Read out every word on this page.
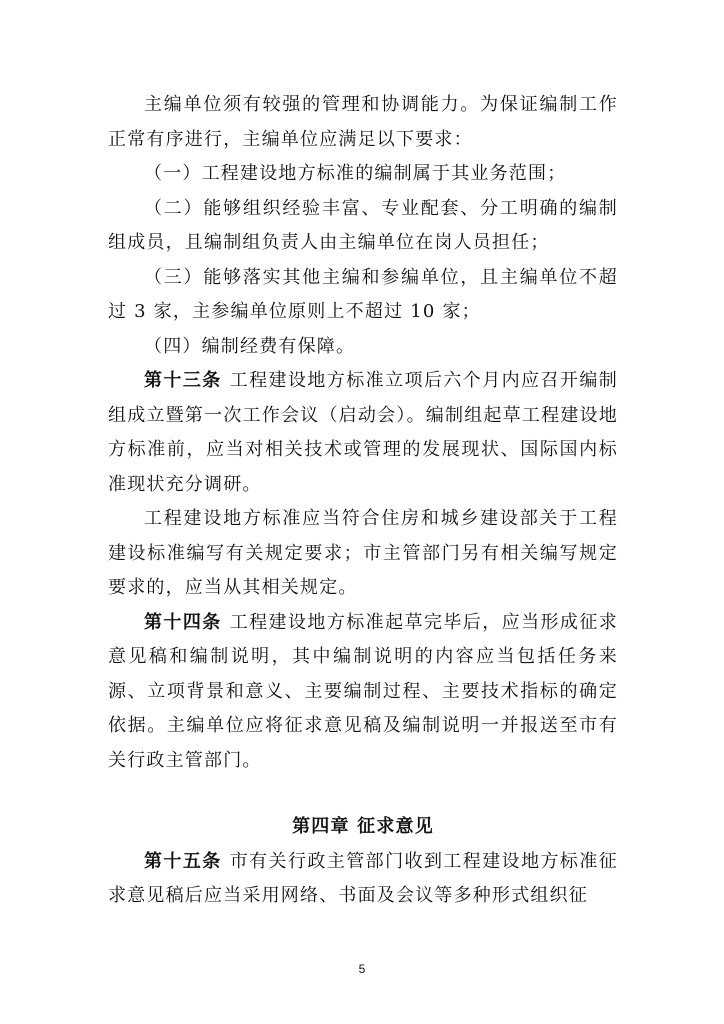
主编单位须有较强的管理和协调能力。为保证编制工作正常有序进行，主编单位应满足以下要求：

（一）工程建设地方标准的编制属于其业务范围；

（二）能够组织经验丰富、专业配套、分工明确的编制组成员，且编制组负责人由主编单位在岗人员担任；

（三）能够落实其他主编和参编单位，且主编单位不超过 3 家，主参编单位原则上不超过 10 家；

（四）编制经费有保障。

第十三条 工程建设地方标准立项后六个月内应召开编制组成立暨第一次工作会议（启动会）。编制组起草工程建设地方标准前，应当对相关技术或管理的发展现状、国际国内标准现状充分调研。

工程建设地方标准应当符合住房和城乡建设部关于工程建设标准编写有关规定要求；市主管部门另有相关编写规定要求的，应当从其相关规定。

第十四条 工程建设地方标准起草完毕后，应当形成征求意见稿和编制说明，其中编制说明的内容应当包括任务来源、立项背景和意义、主要编制过程、主要技术指标的确定依据。主编单位应将征求意见稿及编制说明一并报送至市有关行政主管部门。

第四章 征求意见

第十五条 市有关行政主管部门收到工程建设地方标准征求意见稿后应当采用网络、书面及会议等多种形式组织征

5
